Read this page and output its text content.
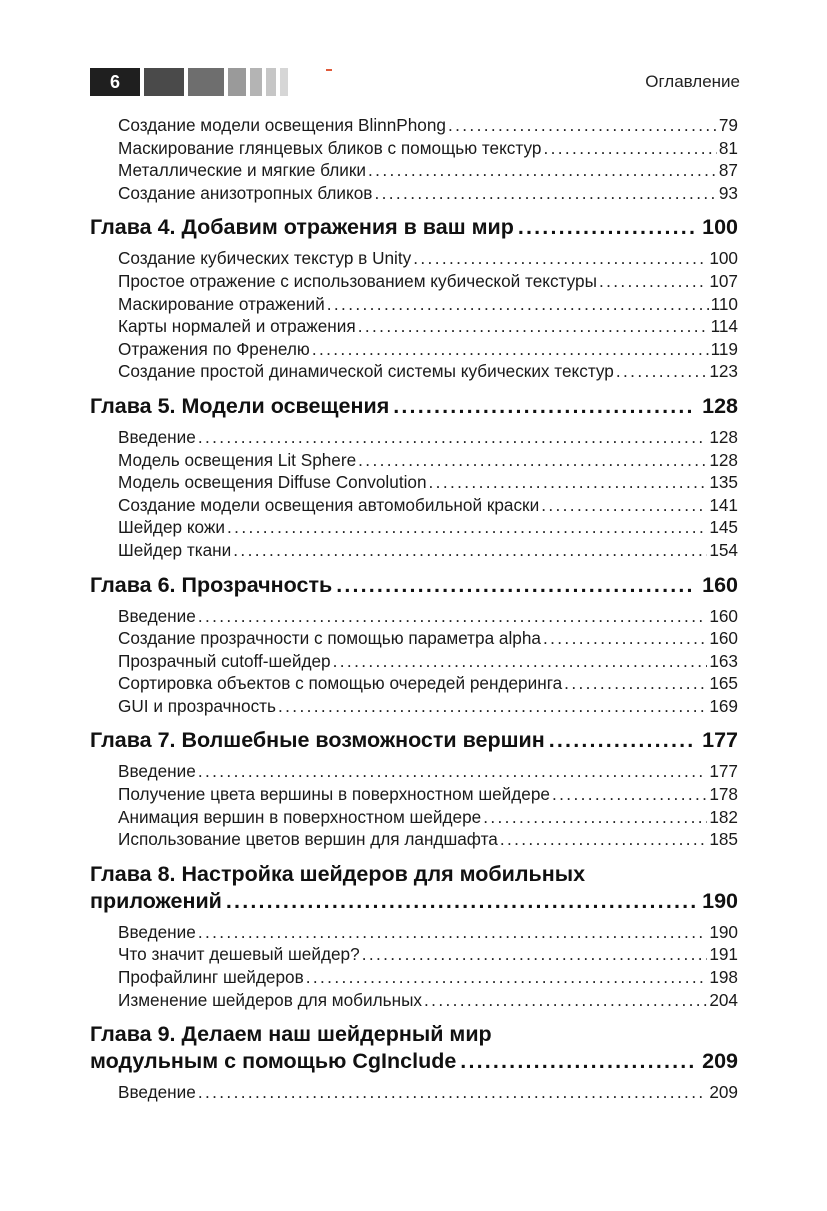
6	Оглавление
Создание модели освещения BlinnPhong . . .	79
Маскирование глянцевых бликов с помощью текстур . . .	81
Металлические и мягкие блики . . .	87
Создание анизотропных бликов . . .	93
Глава 4. Добавим отражения в ваш мир . . .	100
Создание кубических текстур в Unity . . .	100
Простое отражение с использованием кубической текстуры . . .	107
Маскирование отражений . . .	110
Карты нормалей и отражения . . .	114
Отражения по Френелю . . .	119
Создание простой динамической системы кубических текстур . . .	123
Глава 5. Модели освещения . . .	128
Введение . . .	128
Модель освещения Lit Sphere . . .	128
Модель освещения Diffuse Convolution . . .	135
Создание модели освещения автомобильной краски . . .	141
Шейдер кожи . . .	145
Шейдер ткани . . .	154
Глава 6. Прозрачность . . .	160
Введение . . .	160
Создание прозрачности с помощью параметра alpha . . .	160
Прозрачный cutoff-шейдер . . .	163
Сортировка объектов с помощью очередей рендеринга . . .	165
GUI и прозрачность . . .	169
Глава 7. Волшебные возможности вершин . . .	177
Введение . . .	177
Получение цвета вершины в поверхностном шейдере . . .	178
Анимация вершин в поверхностном шейдере . . .	182
Использование цветов вершин для ландшафта . . .	185
Глава 8. Настройка шейдеров для мобильных
приложений . . .	190
Введение . . .	190
Что значит дешевый шейдер? . . .	191
Профайлинг шейдеров . . .	198
Изменение шейдеров для мобильных . . .	204
Глава 9. Делаем наш шейдерный мир
модульным с помощью CgInclude . . .	209
Введение . . .	209
